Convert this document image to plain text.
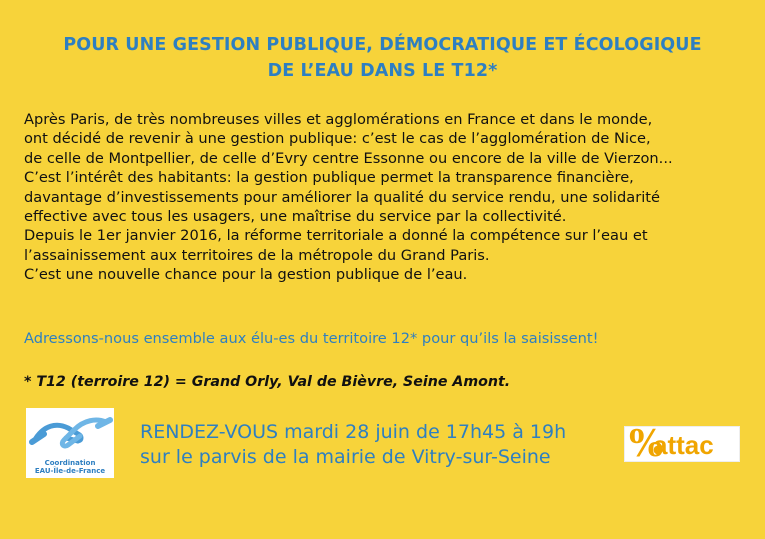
POUR UNE GESTION PUBLIQUE, DÉMOCRATIQUE ET ÉCOLOGIQUE
DE L’EAU DANS LE T12*
Après Paris, de très nombreuses villes et agglomérations en France et dans le monde,
ont décidé de revenir à une gestion publique: c’est le cas de l’agglomération de Nice,
de celle de Montpellier, de celle d’Evry centre Essonne ou encore de la ville de Vierzon...
C’est l’intérêt des habitants: la gestion publique permet la transparence financière,
davantage d’investissements pour améliorer la qualité du service rendu, une solidarité
effective avec tous les usagers, une maîtrise du service par la collectivité.
Depuis le 1er janvier 2016, la réforme territoriale a donné la compétence sur l’eau et
l’assainissement aux territoires de la métropole du Grand Paris.
C’est une nouvelle chance pour la gestion publique de l’eau.
Adressons-nous ensemble aux élu-es du territoire 12* pour qu’ils la saisissent!
* T12 (terroire 12) = Grand Orly, Val de Bièvre, Seine Amont.
Coordination
EAU-Île-de-France
RENDEZ-VOUS mardi 28 juin de 17h45 à 19h
sur le parvis de la mairie de Vitry-sur-Seine	%
attac
